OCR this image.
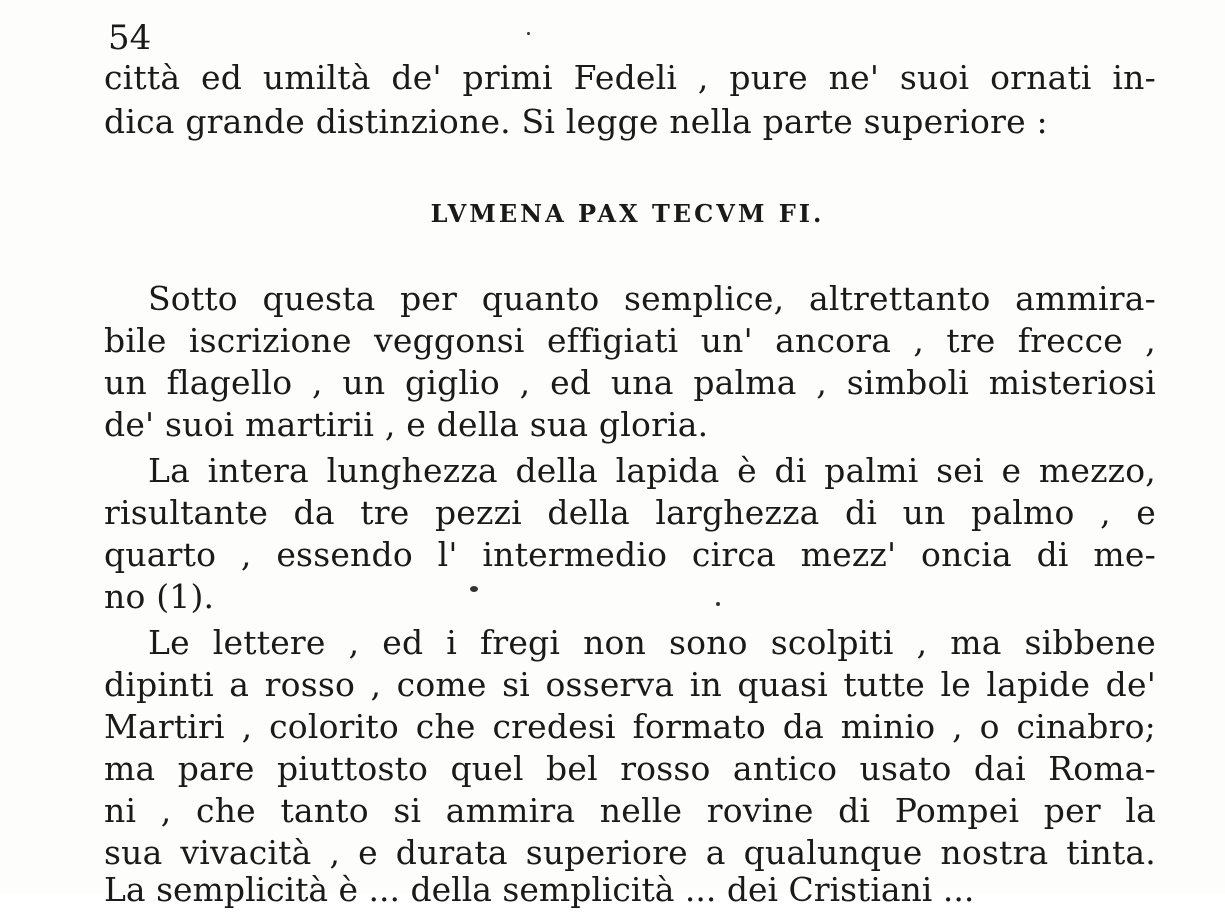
54
città ed umiltà de' primi Fedeli , pure ne' suoi ornati in-
dica grande distinzione. Si legge nella parte superiore :
LVMENA PAX TECVM FI.
Sotto questa per quanto semplice, altrettanto ammira-
bile iscrizione veggonsi effigiati un' ancora , tre frecce ,
un flagello , un giglio , ed una palma , simboli misteriosi
de' suoi martirii , e della sua gloria.
La intera lunghezza della lapida è di palmi sei e mezzo,
risultante da tre pezzi della larghezza di un palmo , e
quarto , essendo l' intermedio circa mezz' oncia di me-
no (1).
Le lettere , ed i fregi non sono scolpiti , ma sibbene
dipinti a rosso , come si osserva in quasi tutte le lapide de'
Martiri , colorito che credesi formato da minio , o cinabro;
ma pare piuttosto quel bel rosso antico usato dai Roma-
ni , che tanto si ammira nelle rovine di Pompei per la
sua vivacità , e durata superiore a qualunque nostra tinta.
La semplicità è ... della semplicità ... dei Cristiani ...
